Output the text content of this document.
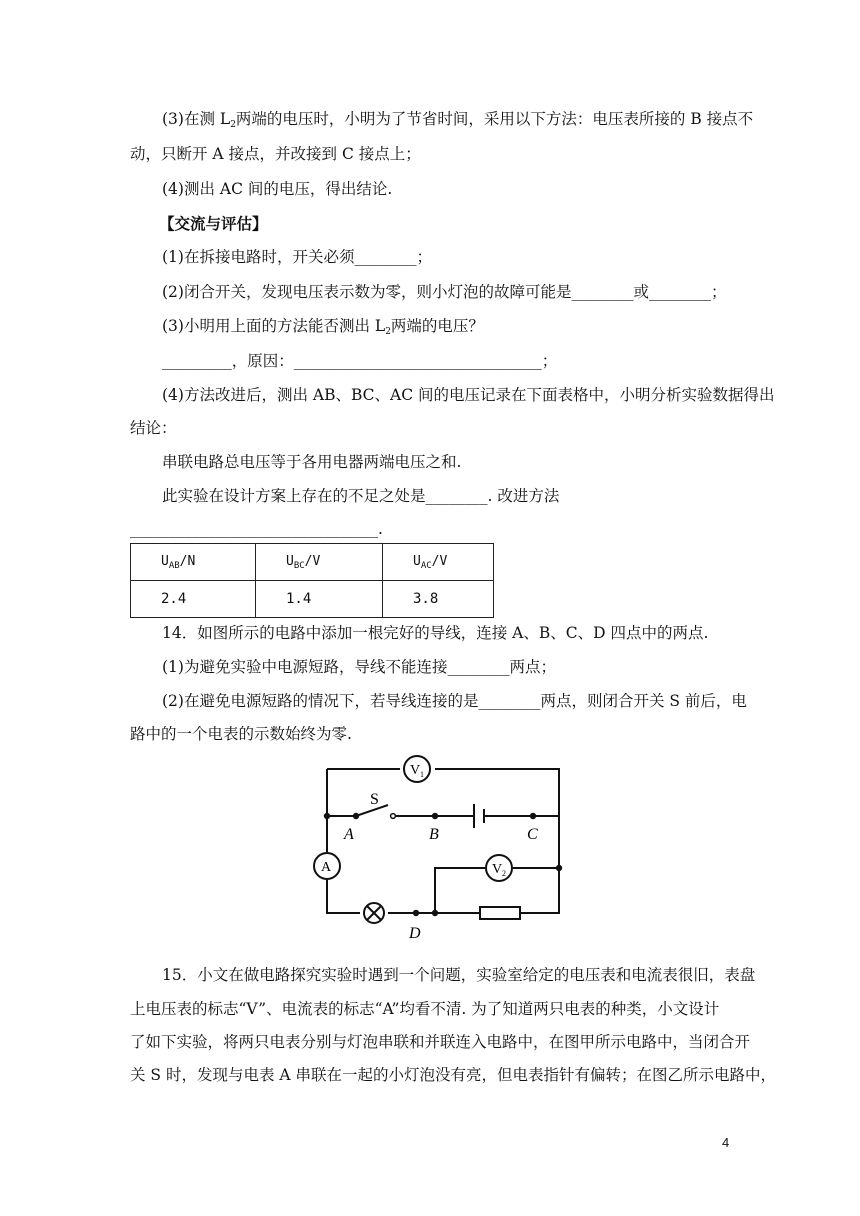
(3)在测 $L_2$两端的电压时，小明为了节省时间，采用以下方法：电压表所接的 B 接点不
动，只断开 A 接点，并改接到 C 接点上；
(4)测出 AC 间的电压，得出结论.
【交流与评估】
(1)在拆接电路时，开关必须________；
(2)闭合开关，发现电压表示数为零，则小灯泡的故障可能是________或________；
(3)小明用上面的方法能否测出 $L_2$两端的电压？
_________，原因：________________________________；
(4)方法改进后，测出 AB、BC、AC 间的电压记录在下面表格中，小明分析实验数据得出
结论：
串联电路总电压等于各用电器两端电压之和.
此实验在设计方案上存在的不足之处是________. 改进方法
________________________________.
$U_{AB}/N$	$U_{BC}/V$	$U_{AC}/V$
2.4	1.4	3.8
14．如图所示的电路中添加一根完好的导线，连接 A、B、C、D 四点中的两点.
(1)为避免实验中电源短路，导线不能连接________两点；
(2)在避免电源短路的情况下，若导线连接的是________两点，则闭合开关 S 前后，电
路中的一个电表的示数始终为零.
S
A	B	C
D
A
V 1
V 2
15．小文在做电路探究实验时遇到一个问题，实验室给定的电压表和电流表很旧，表盘
上电压表的标志“V”、电流表的标志“A”均看不清. 为了知道两只电表的种类，小文设计
了如下实验，将两只电表分别与灯泡串联和并联连入电路中，在图甲所示电路中，当闭合开
关 S 时，发现与电表 A 串联在一起的小灯泡没有亮，但电表指针有偏转；在图乙所示电路中，
4
